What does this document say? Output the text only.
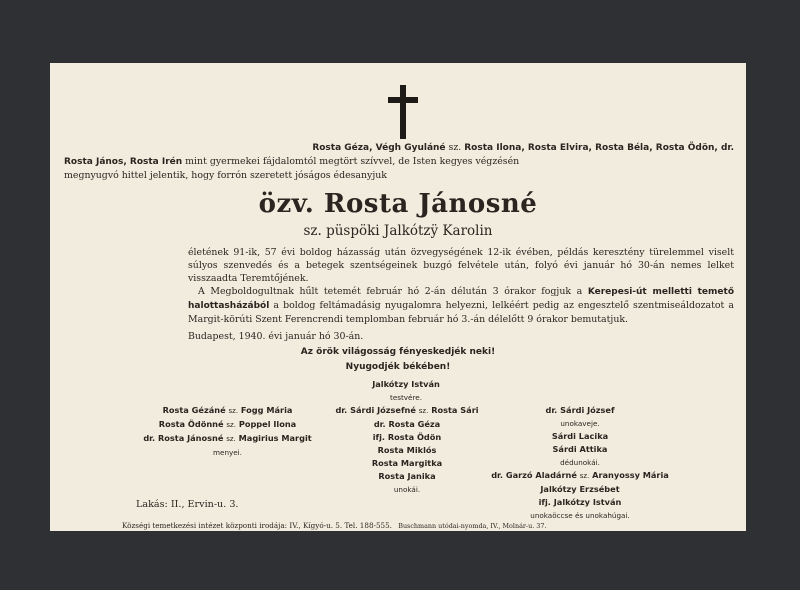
Rosta Géza, Végh Gyuláné sz. Rosta Ilona, Rosta Elvira, Rosta Béla, Rosta Ödön, dr.
Rosta János, Rosta Irén mint gyermekei fájdalomtól megtört szívvel, de Isten kegyes végzésén
megnyugvó hittel jelentik, hogy forrón szeretett jóságos édesanyjuk
özv. Rosta Jánosné
sz. püspöki Jalkótzÿ Karolin

életének 91-ik, 57 évi boldog házasság után özvegységének 12-ik évében, példás keresztény türelemmel viselt súlyos szenvedés és a betegek szentségeinek buzgó felvétele után, folyó évi január hó 30-án nemes lelket visszaadta Teremtőjének.

A Megboldogultnak hűlt tetemét február hó 2-án délután 3 órakor fogjuk a Kerepesi-út melletti temető halottasházából a boldog feltámadásig nyugalomra helyezni, lelkéért pedig az engesztelő szentmiseáldozatot a Margit-körúti Szent Ferencrendi templomban február hó 3.-án délelőtt 9 órakor bemutatjuk.

Budapest, 1940. évi január hó 30-án.
Az örök világosság fényeskedjék neki!
Nyugodjék békében!
Jalkótzy István
testvére.
Rosta Gézáné sz. Fogg Mária
Rosta Ödönné sz. Poppel Ilona
dr. Rosta Jánosné sz. Magirius Margit
menyei.
dr. Sárdi Józsefné sz. Rosta Sári
dr. Rosta Géza
ifj. Rosta Ödön
Rosta Miklós
Rosta Margitka
Rosta Janika
unokái.
dr. Sárdi József
unokaveje.
Sárdi Lacika
Sárdi Attika
dédunokái.
dr. Garzó Aladárné sz. Aranyossy Mária
Jalkótzy Erzsébet
ifj. Jalkótzy István
unokaöccse és unokahúgai.
Lakás: II., Ervin-u. 3.
Községi temetkezési intézet központi irodája: IV., Kígyó-u. 5. Tel. 188-555. Buschmann utódai-nyomda, IV., Molnár-u. 37.
